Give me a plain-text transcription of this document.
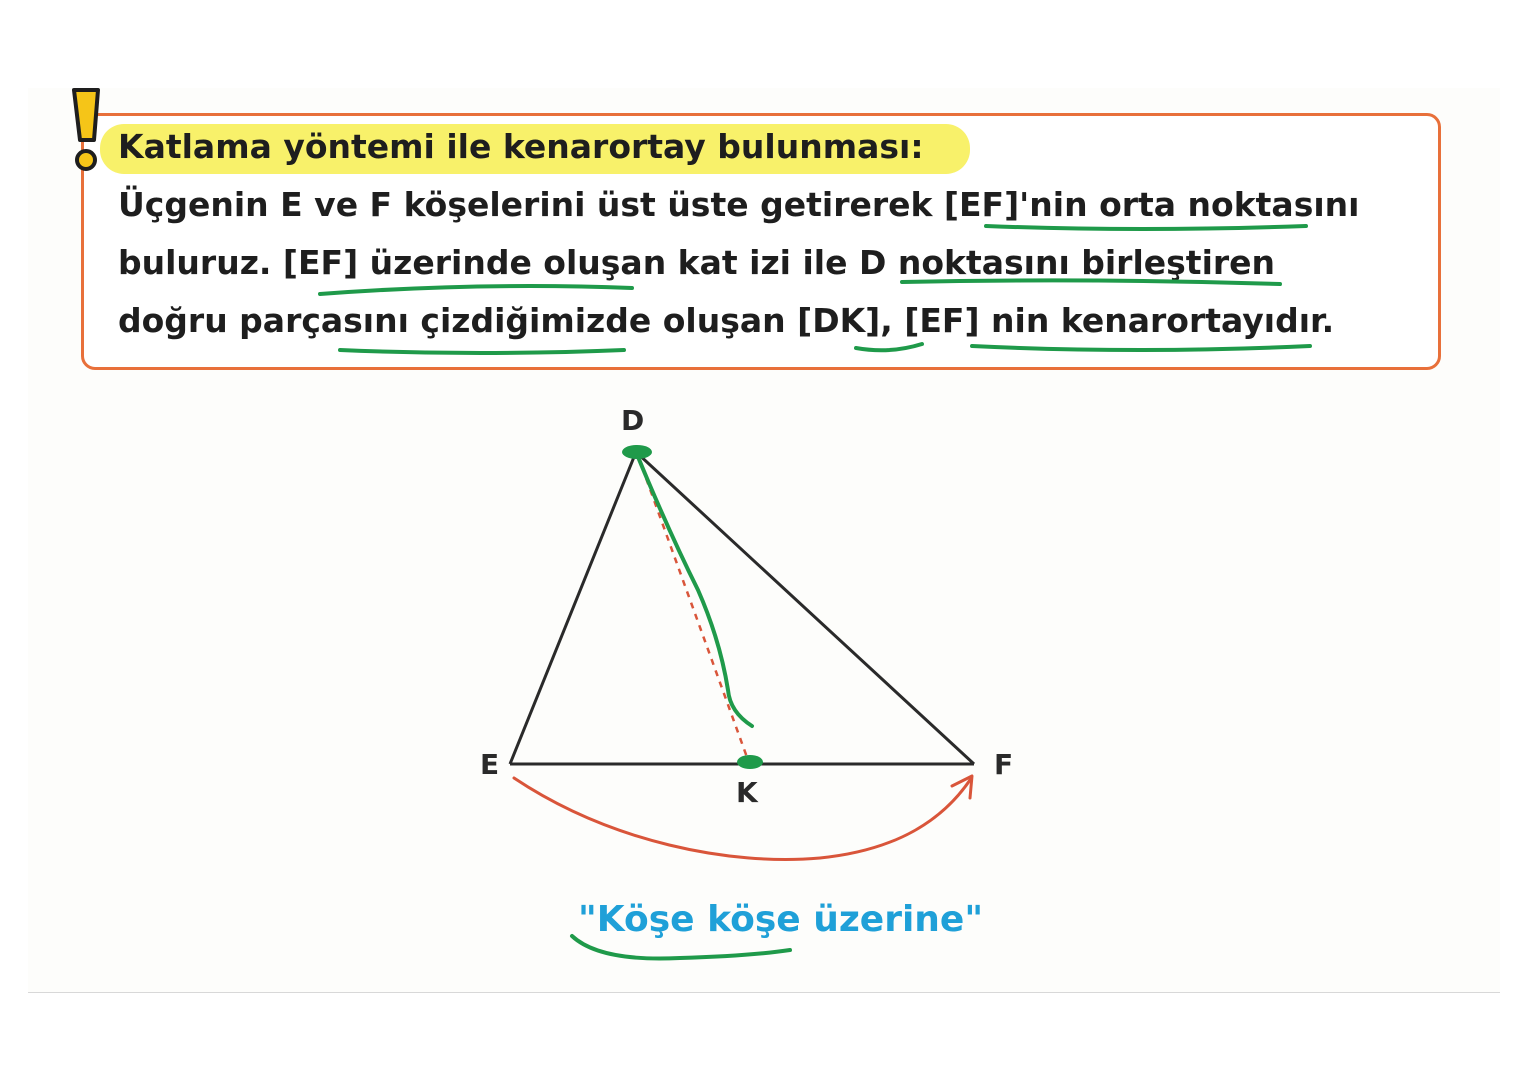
Katlama yöntemi ile kenarortay bulunması:
Üçgenin E ve F köşelerini üst üste getirerek [EF]'nin orta noktasını
buluruz. [EF] üzerinde oluşan kat izi ile D noktasını birleştiren
doğru parçasını çizdiğimizde oluşan [DK], [EF] nin kenarortayıdır.
D
E	F
K
"Köşe köşe üzerine"
